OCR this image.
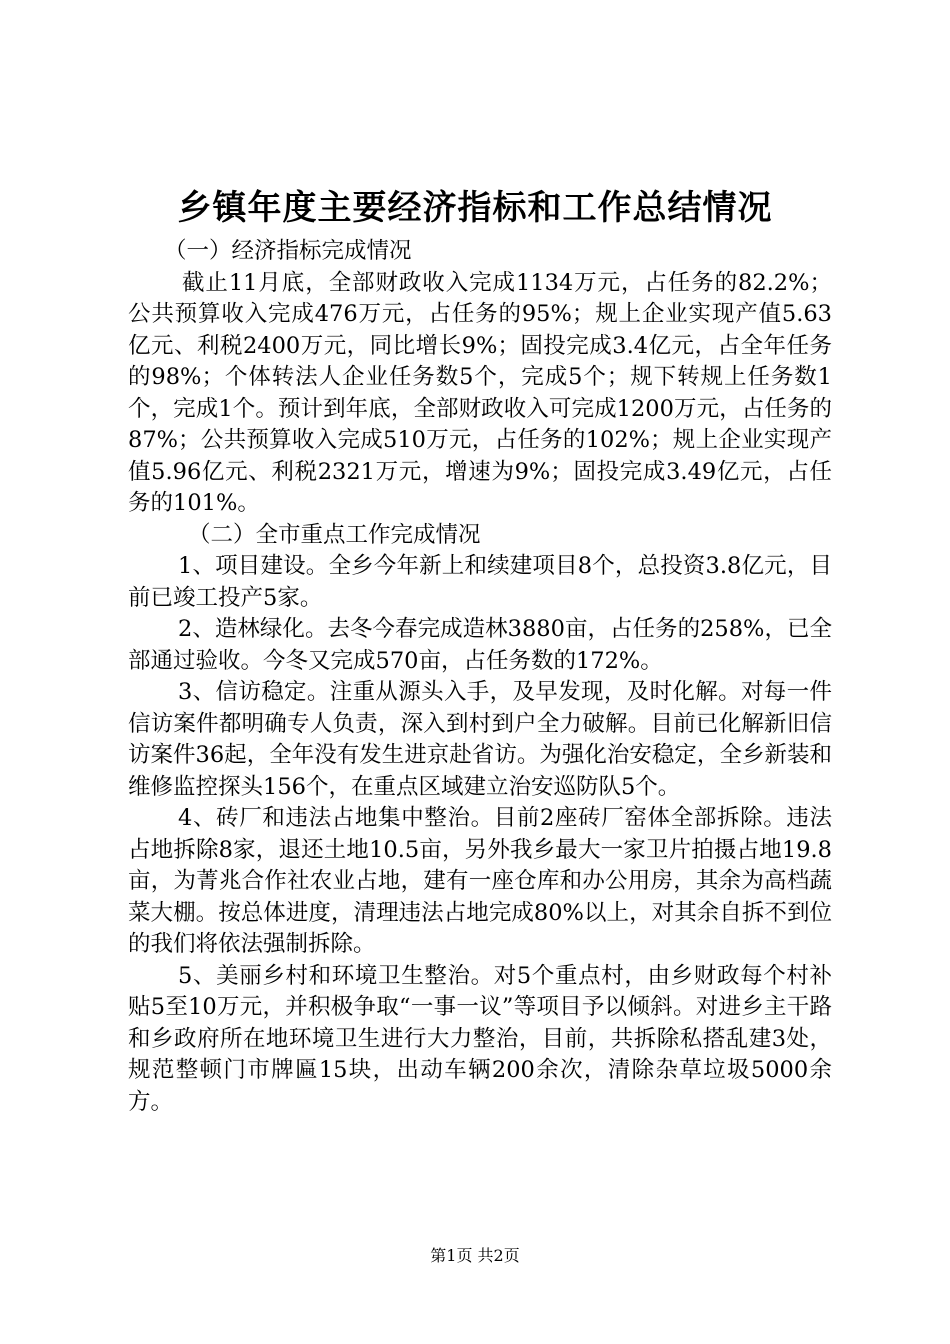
乡镇年度主要经济指标和工作总结情况

（一）经济指标完成情况

截止11月底，全部财政收入完成1134万元，占任务的82.2%；公共预算收入完成476万元，占任务的95%；规上企业实现产值5.63亿元、利税2400万元，同比增长9%；固投完成3.4亿元，占全年任务的98%；个体转法人企业任务数5个，完成5个；规下转规上任务数1个，完成1个。预计到年底，全部财政收入可完成1200万元，占任务的87%；公共预算收入完成510万元，占任务的102%；规上企业实现产值5.96亿元、利税2321万元，增速为9%；固投完成3.49亿元，占任务的101%。

（二）全市重点工作完成情况

1、项目建设。全乡今年新上和续建项目8个，总投资3.8亿元，目前已竣工投产5家。

2、造林绿化。去冬今春完成造林3880亩，占任务的258%，已全部通过验收。今冬又完成570亩，占任务数的172%。

3、信访稳定。注重从源头入手，及早发现，及时化解。对每一件信访案件都明确专人负责，深入到村到户全力破解。目前已化解新旧信访案件36起，全年没有发生进京赴省访。为强化治安稳定，全乡新装和维修监控探头156个，在重点区域建立治安巡防队5个。

4、砖厂和违法占地集中整治。目前2座砖厂窑体全部拆除。违法占地拆除8家，退还土地10.5亩，另外我乡最大一家卫片拍摄占地19.8亩，为菁兆合作社农业占地，建有一座仓库和办公用房，其余为高档蔬菜大棚。按总体进度，清理违法占地完成80%以上，对其余自拆不到位的我们将依法强制拆除。

5、美丽乡村和环境卫生整治。对5个重点村，由乡财政每个村补贴5至10万元，并积极争取“一事一议”等项目予以倾斜。对进乡主干路和乡政府所在地环境卫生进行大力整治，目前，共拆除私搭乱建3处，规范整顿门市牌匾15块，出动车辆200余次，清除杂草垃圾5000余方。

第1页 共2页
